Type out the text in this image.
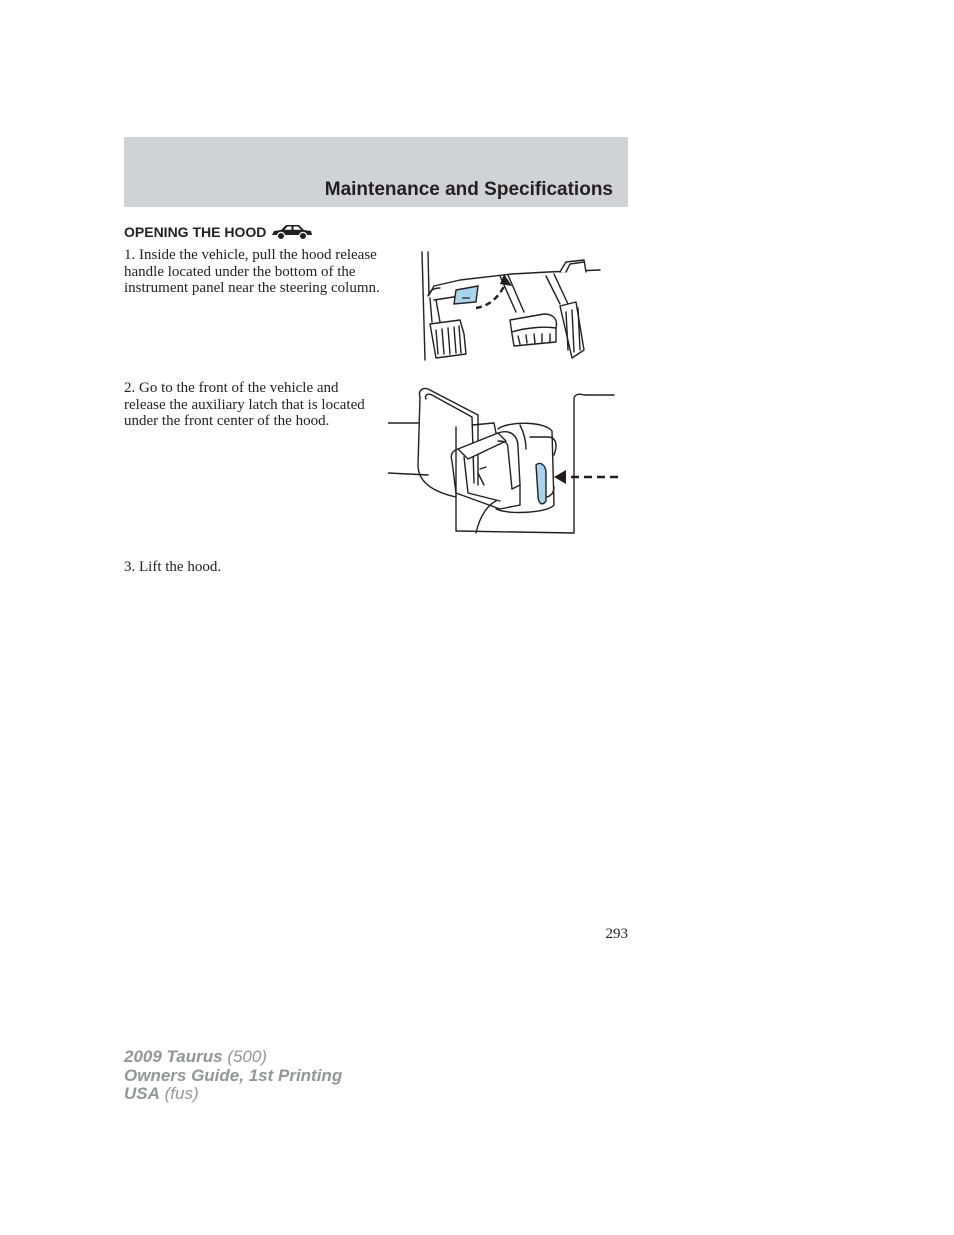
Maintenance and Specifications
OPENING THE HOOD
1. Inside the vehicle, pull the hood release handle located under the bottom of the instrument panel near the steering column.
2. Go to the front of the vehicle and release the auxiliary latch that is located under the front center of the hood.
3. Lift the hood.
293
2009 Taurus (500)
Owners Guide, 1st Printing
USA (fus)
